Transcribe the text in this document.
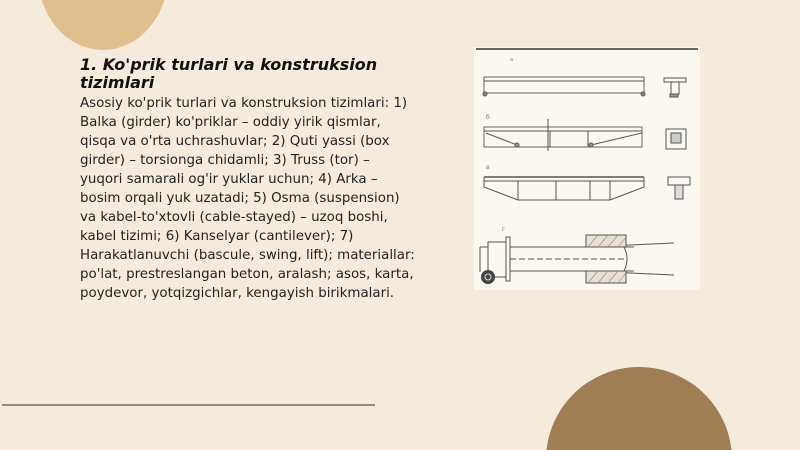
1. Ko'prik turlari va konstruksion tizimlari
Asosiy ko'prik turlari va konstruksion tizimlari: 1) Balka (girder) ko'priklar – oddiy yirik qismlar, qisqa va o'rta uchrashuvlar; 2) Quti yassi (box girder) – torsionga chidamli; 3) Truss (tor) – yuqori samarali og'ir yuklar uchun; 4) Arka – bosim orqali yuk uzatadi; 5) Osma (suspension) va kabel-to'xtovli (cable-stayed) – uzoq boshi, kabel tizimi; 6) Kanselyar (cantilever); 7) Harakatlanuvchi (bascule, swing, lift); materiallar: po'lat, prestreslangan beton, aralash; asos, karta, poydevor, yotqizgichlar, kengayish birikmalari.
a
б
в
г
